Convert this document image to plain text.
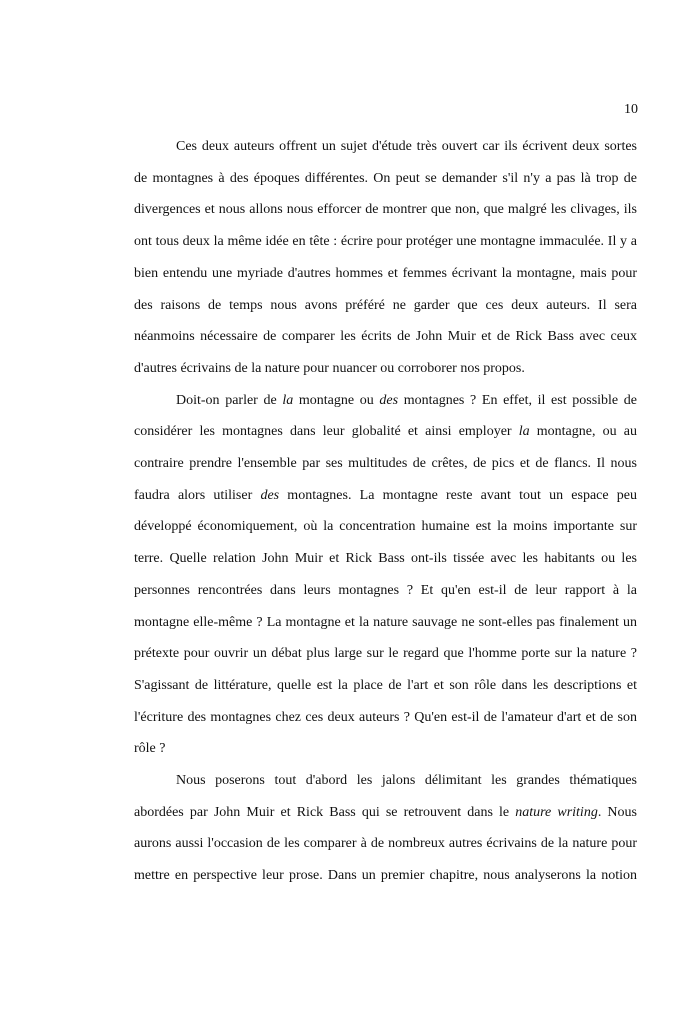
10
Ces deux auteurs offrent un sujet d'étude très ouvert car ils écrivent deux sortes
de montagnes à des époques différentes. On peut se demander s'il n'y a pas là trop de
divergences et nous allons nous efforcer de montrer que non, que malgré les clivages, ils
ont tous deux la même idée en tête : écrire pour protéger une montagne immaculée. Il y a
bien entendu une myriade d'autres hommes et femmes écrivant la montagne, mais pour
des raisons de temps nous avons préféré ne garder que ces deux auteurs. Il sera
néanmoins nécessaire de comparer les écrits de John Muir et de Rick Bass avec ceux
d'autres écrivains de la nature pour nuancer ou corroborer nos propos.
Doit-on parler de la montagne ou des montagnes ? En effet, il est possible de
considérer les montagnes dans leur globalité et ainsi employer la montagne, ou au
contraire prendre l'ensemble par ses multitudes de crêtes, de pics et de flancs. Il nous
faudra alors utiliser des montagnes. La montagne reste avant tout un espace peu
développé économiquement, où la concentration humaine est la moins importante sur
terre. Quelle relation John Muir et Rick Bass ont-ils tissée avec les habitants ou les
personnes rencontrées dans leurs montagnes ? Et qu'en est-il de leur rapport à la
montagne elle-même ? La montagne et la nature sauvage ne sont-elles pas finalement un
prétexte pour ouvrir un débat plus large sur le regard que l'homme porte sur la nature ?
S'agissant de littérature, quelle est la place de l'art et son rôle dans les descriptions et
l'écriture des montagnes chez ces deux auteurs ? Qu'en est-il de l'amateur d'art et de son
rôle ?
Nous poserons tout d'abord les jalons délimitant les grandes thématiques
abordées par John Muir et Rick Bass qui se retrouvent dans le nature writing. Nous
aurons aussi l'occasion de les comparer à de nombreux autres écrivains de la nature pour
mettre en perspective leur prose. Dans un premier chapitre, nous analyserons la notion
